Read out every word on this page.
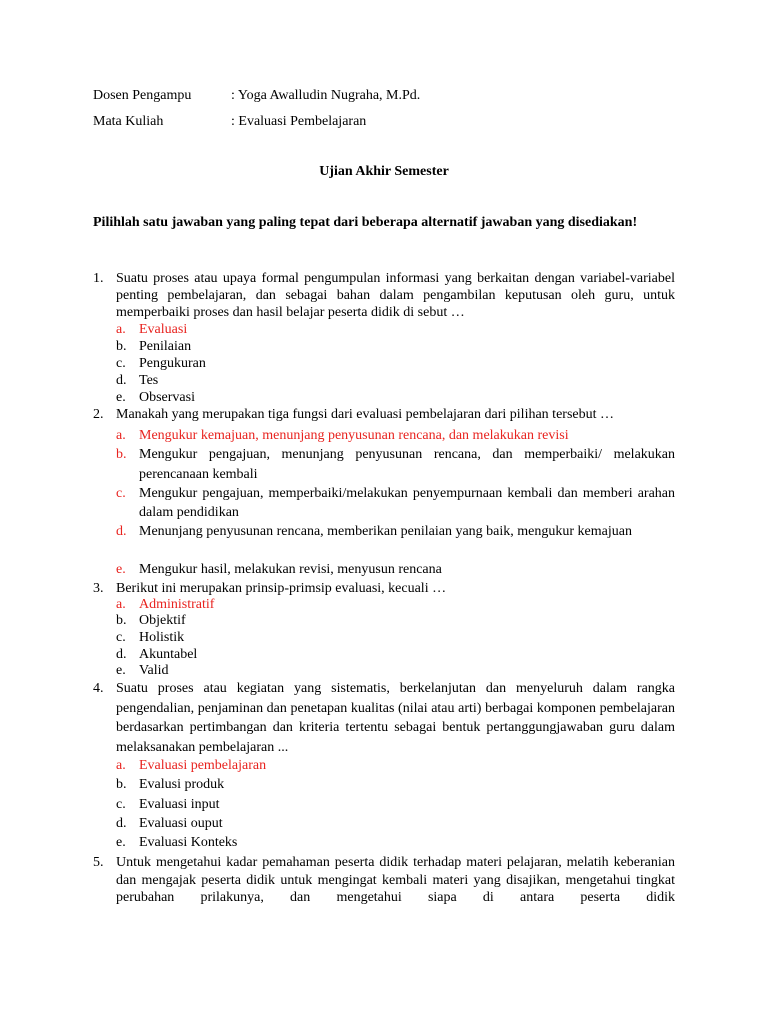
Dosen Pengampu	: Yoga Awalludin Nugraha, M.Pd.
Mata Kuliah	: Evaluasi Pembelajaran
Ujian Akhir Semester
Pilihlah satu jawaban yang paling tepat dari beberapa alternatif jawaban yang disediakan!
1. Suatu proses atau upaya formal pengumpulan informasi yang berkaitan dengan variabel-variabel penting pembelajaran, dan sebagai bahan dalam pengambilan keputusan oleh guru, untuk memperbaiki proses dan hasil belajar peserta didik di sebut …
a. Evaluasi
b. Penilaian
c. Pengukuran
d. Tes
e. Observasi
2. Manakah yang merupakan tiga fungsi dari evaluasi pembelajaran dari pilihan tersebut …
a. Mengukur kemajuan, menunjang penyusunan rencana, dan melakukan revisi
b. Mengukur pengajuan, menunjang penyusunan rencana, dan memperbaiki/ melakukan perencanaan kembali
c. Mengukur pengajuan, memperbaiki/melakukan penyempurnaan kembali dan memberi arahan dalam pendidikan
d. Menunjang penyusunan rencana, memberikan penilaian yang baik, mengukur kemajuan
e. Mengukur hasil, melakukan revisi, menyusun rencana
3. Berikut ini merupakan prinsip-primsip evaluasi, kecuali …
a. Administratif
b. Objektif
c. Holistik
d. Akuntabel
e. Valid
4. Suatu proses atau kegiatan yang sistematis, berkelanjutan dan menyeluruh dalam rangka pengendalian, penjaminan dan penetapan kualitas (nilai atau arti) berbagai komponen pembelajaran berdasarkan pertimbangan dan kriteria tertentu sebagai bentuk pertanggungjawaban guru dalam melaksanakan pembelajaran ...
a. Evaluasi pembelajaran
b. Evalusi produk
c. Evaluasi input
d. Evaluasi ouput
e. Evaluasi Konteks
5. Untuk mengetahui kadar pemahaman peserta didik terhadap materi pelajaran, melatih keberanian dan mengajak peserta didik untuk mengingat kembali materi yang disajikan, mengetahui tingkat perubahan prilakunya, dan mengetahui siapa di antara peserta didik
